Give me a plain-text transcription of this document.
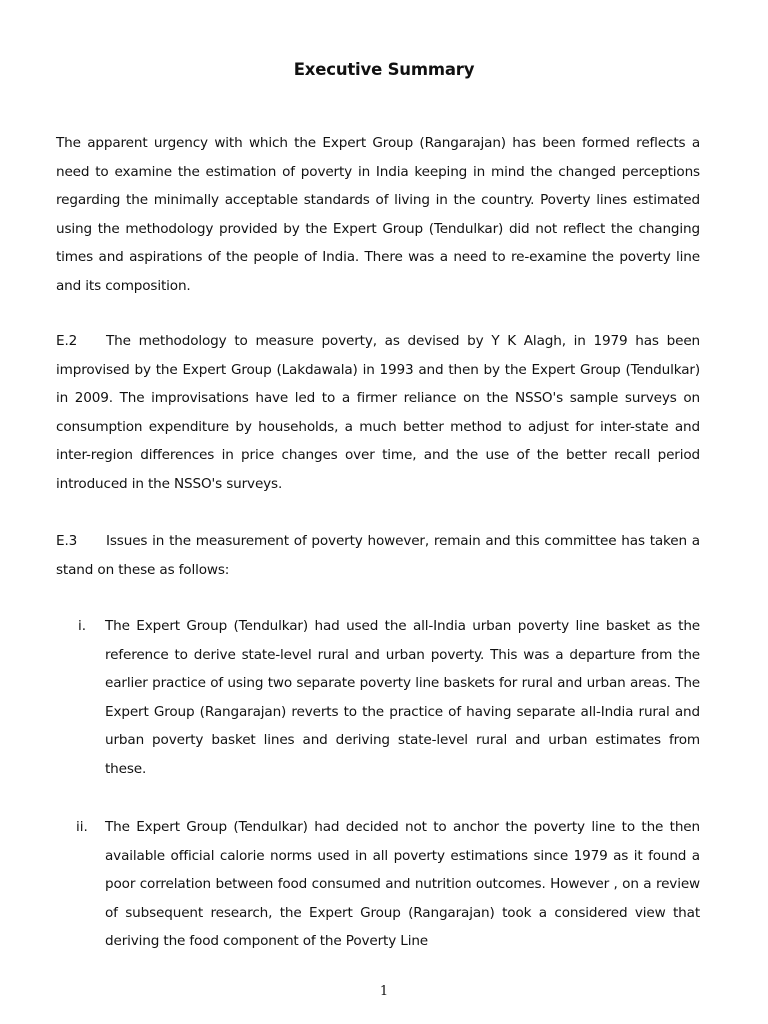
Executive Summary

The apparent urgency with which the Expert Group (Rangarajan) has been formed reflects a need to examine the estimation of poverty in India keeping in mind the changed perceptions regarding the minimally acceptable standards of living in the country. Poverty lines estimated using the methodology provided by the Expert Group (Tendulkar) did not reflect the changing times and aspirations of the people of India. There was a need to re-examine the poverty line and its composition.

E.2 The methodology to measure poverty, as devised by Y K Alagh, in 1979 has been improvised by the Expert Group (Lakdawala) in 1993 and then by the Expert Group (Tendulkar) in 2009. The improvisations have led to a firmer reliance on the NSSO's sample surveys on consumption expenditure by households, a much better method to adjust for inter-state and inter-region differences in price changes over time, and the use of the better recall period introduced in the NSSO's surveys.

E.3 Issues in the measurement of poverty however, remain and this committee has taken a stand on these as follows:

i. The Expert Group (Tendulkar) had used the all-India urban poverty line basket as the reference to derive state-level rural and urban poverty. This was a departure from the earlier practice of using two separate poverty line baskets for rural and urban areas. The Expert Group (Rangarajan) reverts to the practice of having separate all-India rural and urban poverty basket lines and deriving state-level rural and urban estimates from these.
ii. The Expert Group (Tendulkar) had decided not to anchor the poverty line to the then available official calorie norms used in all poverty estimations since 1979 as it found a poor correlation between food consumed and nutrition outcomes. However , on a review of subsequent research, the Expert Group (Rangarajan) took a considered view that deriving the food component of the Poverty Line
1
